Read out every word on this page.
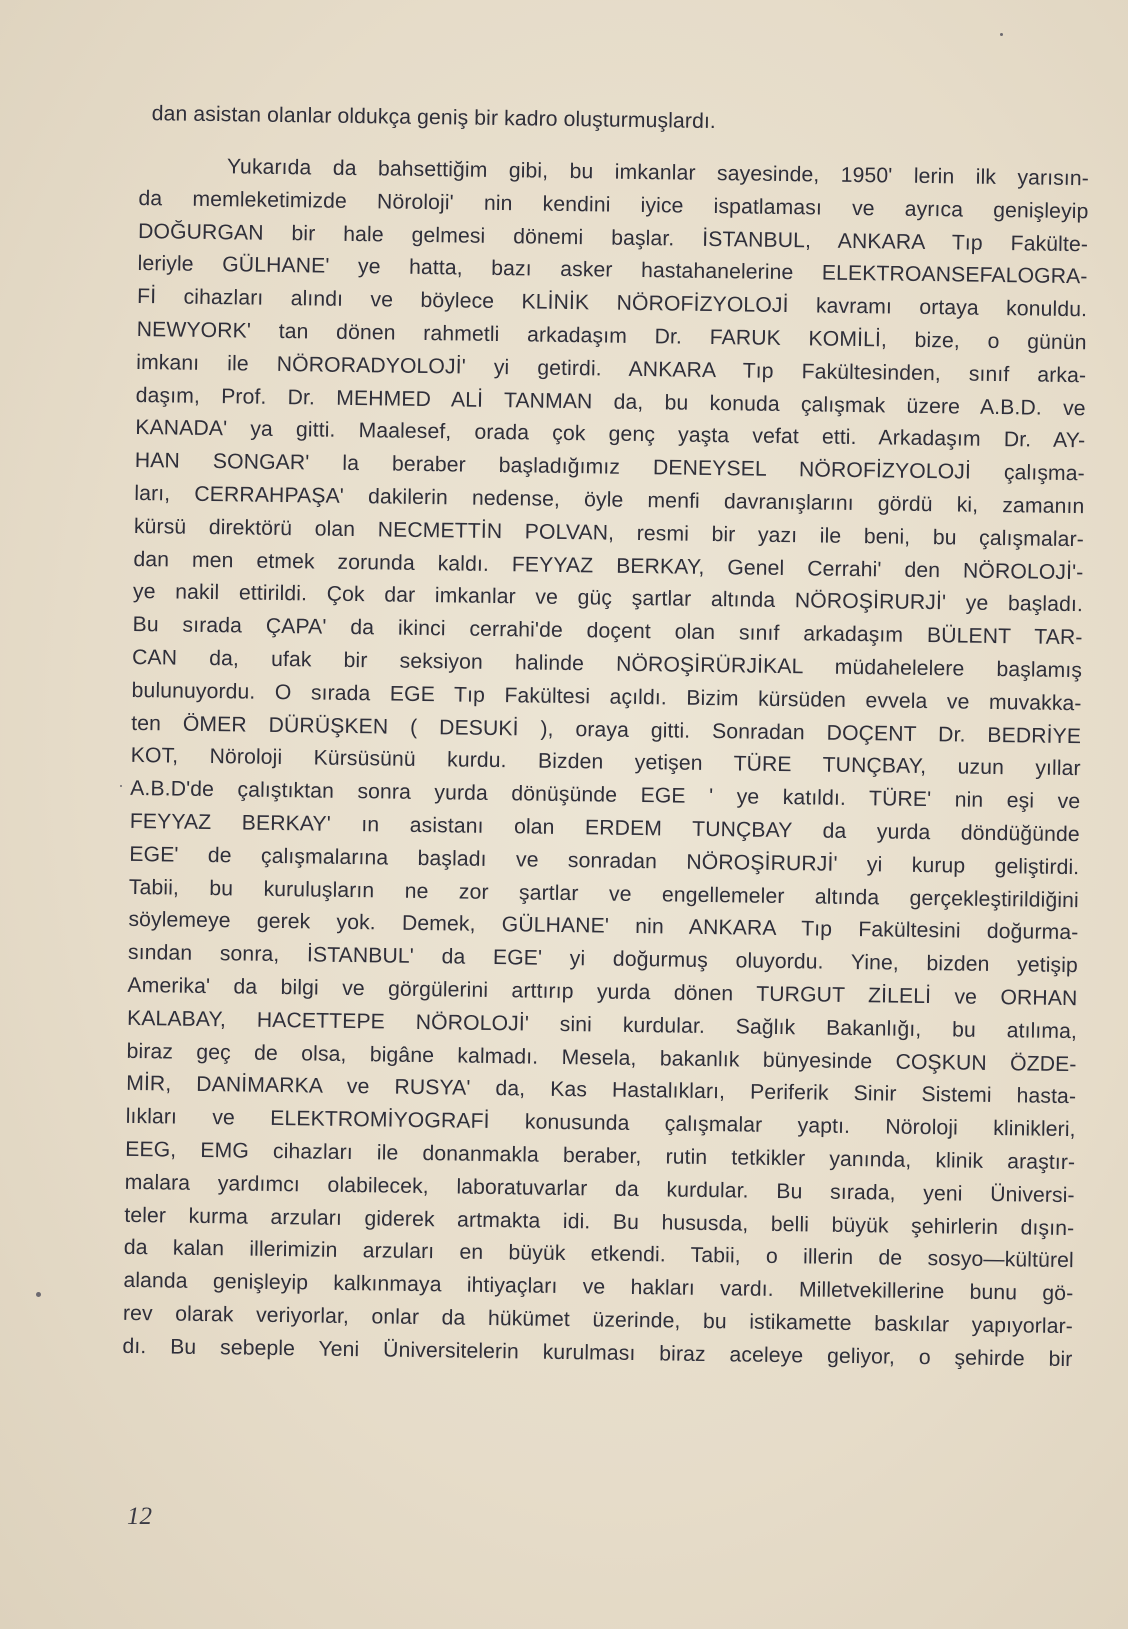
dan asistan olanlar oldukça geniş bir kadro oluşturmuşlardı.
Yukarıda da bahsettiğim gibi, bu imkanlar sayesinde, 1950' lerin ilk yarısın-
da memleketimizde Nöroloji' nin kendini iyice ispatlaması ve ayrıca genişleyip
DOĞURGAN bir hale gelmesi dönemi başlar. İSTANBUL, ANKARA Tıp Fakülte-
leriyle GÜLHANE' ye hatta, bazı asker hastahanelerine ELEKTROANSEFALOGRA-
Fİ cihazları alındı ve böylece KLİNİK NÖROFİZYOLOJİ kavramı ortaya konuldu.
NEWYORK' tan dönen rahmetli arkadaşım Dr. FARUK KOMİLİ, bize, o günün
imkanı ile NÖRORADYOLOJİ' yi getirdi. ANKARA Tıp Fakültesinden, sınıf arka-
daşım, Prof. Dr. MEHMED ALİ TANMAN da, bu konuda çalışmak üzere A.B.D. ve
KANADA' ya gitti. Maalesef, orada çok genç yaşta vefat etti. Arkadaşım Dr. AY-
HAN SONGAR' la beraber başladığımız DENEYSEL NÖROFİZYOLOJİ çalışma-
ları, CERRAHPAŞA' dakilerin nedense, öyle menfi davranışlarını gördü ki, zamanın
kürsü direktörü olan NECMETTİN POLVAN, resmi bir yazı ile beni, bu çalışmalar-
dan men etmek zorunda kaldı. FEYYAZ BERKAY, Genel Cerrahi' den NÖROLOJİ'-
ye nakil ettirildi. Çok dar imkanlar ve güç şartlar altında NÖROŞİRURJİ' ye başladı.
Bu sırada ÇAPA' da ikinci cerrahi'de doçent olan sınıf arkadaşım BÜLENT TAR-
CAN da, ufak bir seksiyon halinde NÖROŞİRÜRJİKAL müdahelelere başlamış
bulunuyordu. O sırada EGE Tıp Fakültesi açıldı. Bizim kürsüden evvela ve muvakka-
ten ÖMER DÜRÜŞKEN ( DESUKİ ), oraya gitti. Sonradan DOÇENT Dr. BEDRİYE
KOT, Nöroloji Kürsüsünü kurdu. Bizden yetişen TÜRE TUNÇBAY, uzun yıllar
A.B.D'de çalıştıktan sonra yurda dönüşünde EGE ' ye katıldı. TÜRE' nin eşi ve
FEYYAZ BERKAY' ın asistanı olan ERDEM TUNÇBAY da yurda döndüğünde
EGE' de çalışmalarına başladı ve sonradan NÖROŞİRURJİ' yi kurup geliştirdi.
Tabii, bu kuruluşların ne zor şartlar ve engellemeler altında gerçekleştirildiğini
söylemeye gerek yok. Demek, GÜLHANE' nin ANKARA Tıp Fakültesini doğurma-
sından sonra, İSTANBUL' da EGE' yi doğurmuş oluyordu. Yine, bizden yetişip
Amerika' da bilgi ve görgülerini arttırıp yurda dönen TURGUT ZİLELİ ve ORHAN
KALABAY, HACETTEPE NÖROLOJİ' sini kurdular. Sağlık Bakanlığı, bu atılıma,
biraz geç de olsa, bigâne kalmadı. Mesela, bakanlık bünyesinde COŞKUN ÖZDE-
MİR, DANİMARKA ve RUSYA' da, Kas Hastalıkları, Periferik Sinir Sistemi hasta-
lıkları ve ELEKTROMİYOGRAFİ konusunda çalışmalar yaptı. Nöroloji klinikleri,
EEG, EMG cihazları ile donanmakla beraber, rutin tetkikler yanında, klinik araştır-
malara yardımcı olabilecek, laboratuvarlar da kurdular. Bu sırada, yeni Üniversi-
teler kurma arzuları giderek artmakta idi. Bu hususda, belli büyük şehirlerin dışın-
da kalan illerimizin arzuları en büyük etkendi. Tabii, o illerin de sosyo—kültürel
alanda genişleyip kalkınmaya ihtiyaçları ve hakları vardı. Milletvekillerine bunu gö-
rev olarak veriyorlar, onlar da hükümet üzerinde, bu istikamette baskılar yapıyorlar-
dı. Bu sebeple Yeni Üniversitelerin kurulması biraz aceleye geliyor, o şehirde bir
12
